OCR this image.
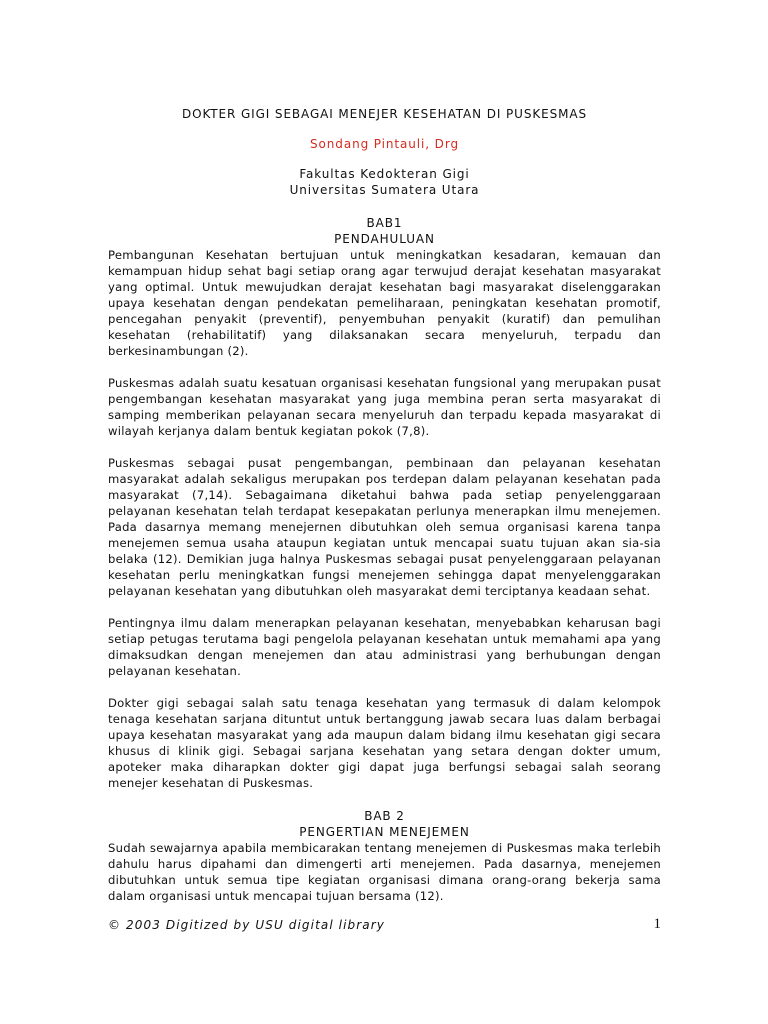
DOKTER GIGI SEBAGAI MENEJER KESEHATAN DI PUSKESMAS
Sondang Pintauli, Drg
Fakultas Kedokteran Gigi
Universitas Sumatera Utara
BAB1
PENDAHULUAN

Pembangunan Kesehatan bertujuan untuk meningkatkan kesadaran, kemauan dan kemampuan hidup sehat bagi setiap orang agar terwujud derajat kesehatan masyarakat yang optimal. Untuk mewujudkan derajat kesehatan bagi masyarakat diselenggarakan upaya kesehatan dengan pendekatan pemeliharaan, peningkatan kesehatan promotif, pencegahan penyakit (preventif), penyembuhan penyakit (kuratif) dan pemulihan kesehatan (rehabilitatif) yang dilaksanakan secara menyeluruh, terpadu dan berkesinambungan (2).

Puskesmas adalah suatu kesatuan organisasi kesehatan fungsional yang merupakan pusat pengembangan kesehatan masyarakat yang juga membina peran serta masyarakat di samping memberikan pelayanan secara menyeluruh dan terpadu kepada masyarakat di wilayah kerjanya dalam bentuk kegiatan pokok (7,8).

Puskesmas sebagai pusat pengembangan, pembinaan dan pelayanan kesehatan masyarakat adalah sekaligus merupakan pos terdepan dalam pelayanan kesehatan pada masyarakat (7,14). Sebagaimana diketahui bahwa pada setiap penyelenggaraan pelayanan kesehatan telah terdapat kesepakatan perlunya menerapkan ilmu menejemen. Pada dasarnya memang menejernen dibutuhkan oleh semua organisasi karena tanpa menejemen semua usaha ataupun kegiatan untuk mencapai suatu tujuan akan sia-sia belaka (12). Demikian juga halnya Puskesmas sebagai pusat penyelenggaraan pelayanan kesehatan perlu meningkatkan fungsi menejemen sehingga dapat menyelenggarakan pelayanan kesehatan yang dibutuhkan oleh masyarakat demi terciptanya keadaan sehat.

Pentingnya ilmu dalam menerapkan pelayanan kesehatan, menyebabkan keharusan bagi setiap petugas terutama bagi pengelola pelayanan kesehatan untuk memahami apa yang dimaksudkan dengan menejemen dan atau administrasi yang berhubungan dengan pelayanan kesehatan.

Dokter gigi sebagai salah satu tenaga kesehatan yang termasuk di dalam kelompok tenaga kesehatan sarjana dituntut untuk bertanggung jawab secara luas dalam berbagai upaya kesehatan masyarakat yang ada maupun dalam bidang ilmu kesehatan gigi secara khusus di klinik gigi. Sebagai sarjana kesehatan yang setara dengan dokter umum, apoteker maka diharapkan dokter gigi dapat juga berfungsi sebagai salah seorang menejer kesehatan di Puskesmas.

BAB 2
PENGERTIAN MENEJEMEN

Sudah sewajarnya apabila membicarakan tentang menejemen di Puskesmas maka terlebih dahulu harus dipahami dan dimengerti arti menejemen. Pada dasarnya, menejemen dibutuhkan untuk semua tipe kegiatan organisasi dimana orang-orang bekerja sama dalam organisasi untuk mencapai tujuan bersama (12).

© 2003 Digitized by USU digital library	1
